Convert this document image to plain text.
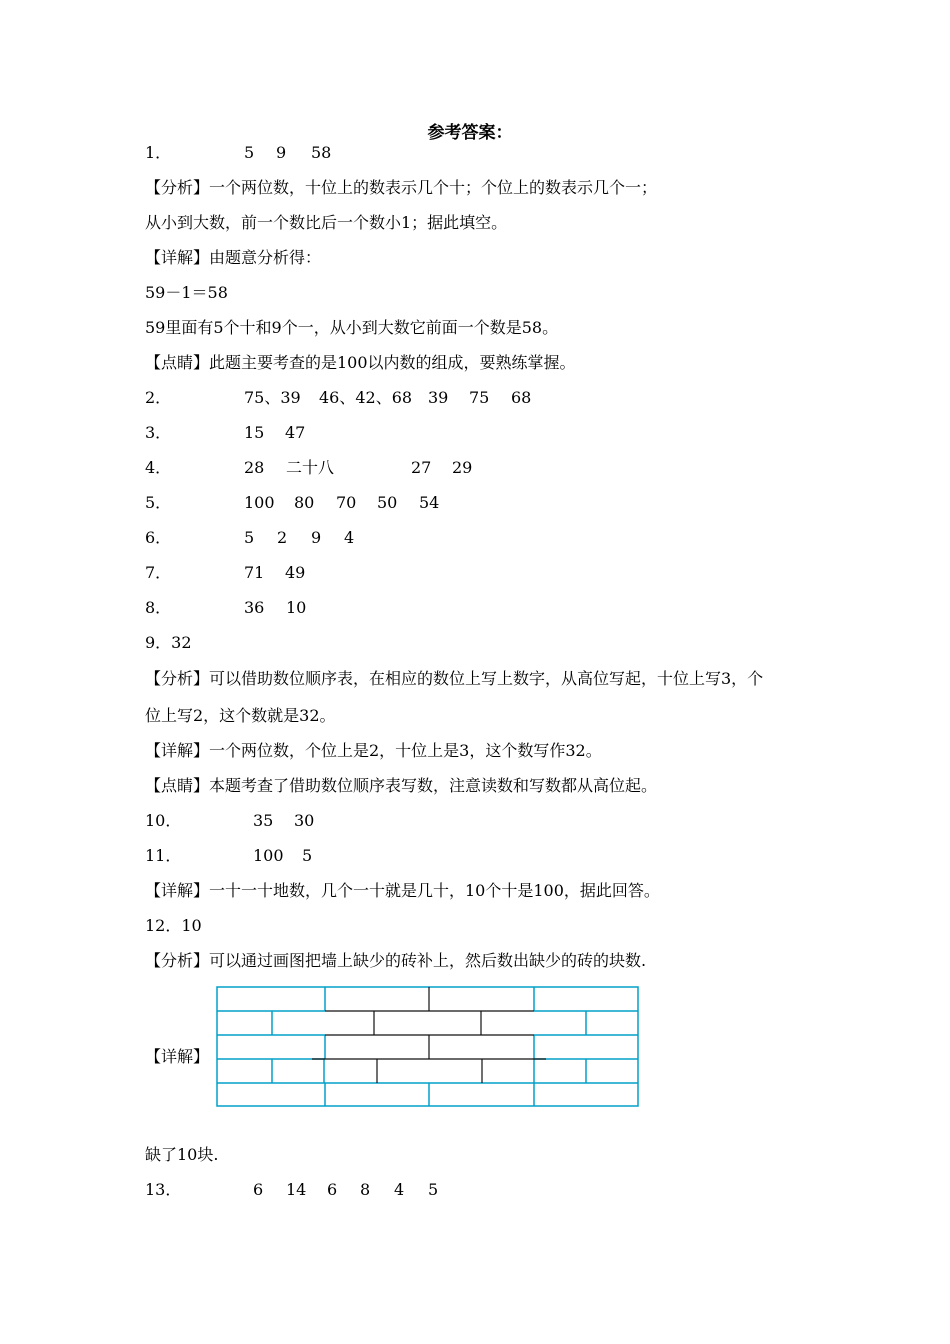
参考答案：
1．	5 9 58
【分析】一个两位数，十位上的数表示几个十；个位上的数表示几个一；
从小到大数，前一个数比后一个数小1；据此填空。
【详解】由题意分析得：
59－1＝58
59里面有5个十和9个一，从小到大数它前面一个数是58。
【点睛】此题主要考查的是100以内数的组成，要熟练掌握。
2．	75、39 46、42、68 39 75 68
3．	15 47
4．	28 二十八	27 29
5．	100 80 70 50 54
6．	5 2 9 4
7．	71 49
8．	36 10
9．32
【分析】可以借助数位顺序表，在相应的数位上写上数字，从高位写起，十位上写3，个
位上写2，这个数就是32。
【详解】一个两位数，个位上是2，十位上是3，这个数写作32。
【点睛】本题考查了借助数位顺序表写数，注意读数和写数都从高位起。
10．	35 30
11．	100 5
【详解】一十一十地数，几个一十就是几十，10个十是100，据此回答。
12．10
【分析】可以通过画图把墙上缺少的砖补上，然后数出缺少的砖的块数.
【详解】
缺了10块.
13．	6 14 6 8 4 5
